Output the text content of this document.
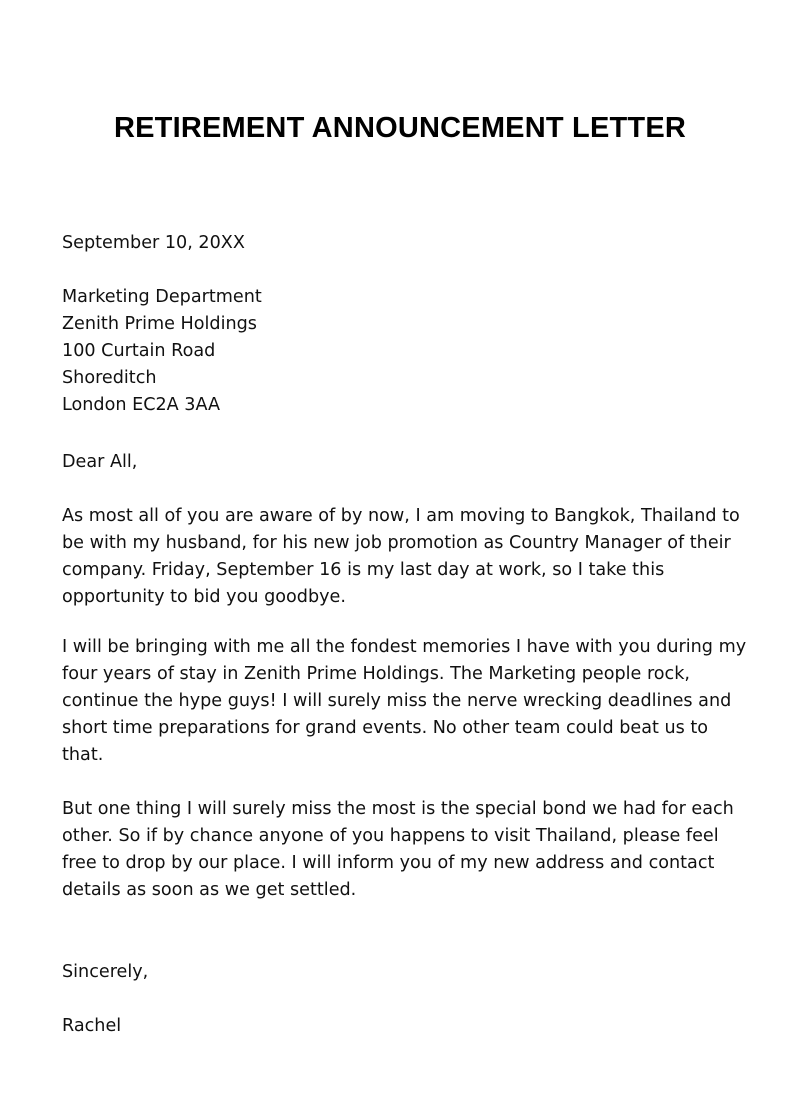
RETIREMENT ANNOUNCEMENT LETTER

September 10, 20XX

Marketing Department
Zenith Prime Holdings
100 Curtain Road
Shoreditch
London EC2A 3AA

Dear All,

As most all of you are aware of by now, I am moving to Bangkok, Thailand to be with my husband, for his new job promotion as Country Manager of their company. Friday, September 16 is my last day at work, so I take this opportunity to bid you goodbye.

I will be bringing with me all the fondest memories I have with you during my four years of stay in Zenith Prime Holdings. The Marketing people rock, continue the hype guys! I will surely miss the nerve wrecking deadlines and short time preparations for grand events. No other team could beat us to that.

But one thing I will surely miss the most is the special bond we had for each other. So if by chance anyone of you happens to visit Thailand, please feel free to drop by our place. I will inform you of my new address and contact details as soon as we get settled.

Sincerely,

Rachel
